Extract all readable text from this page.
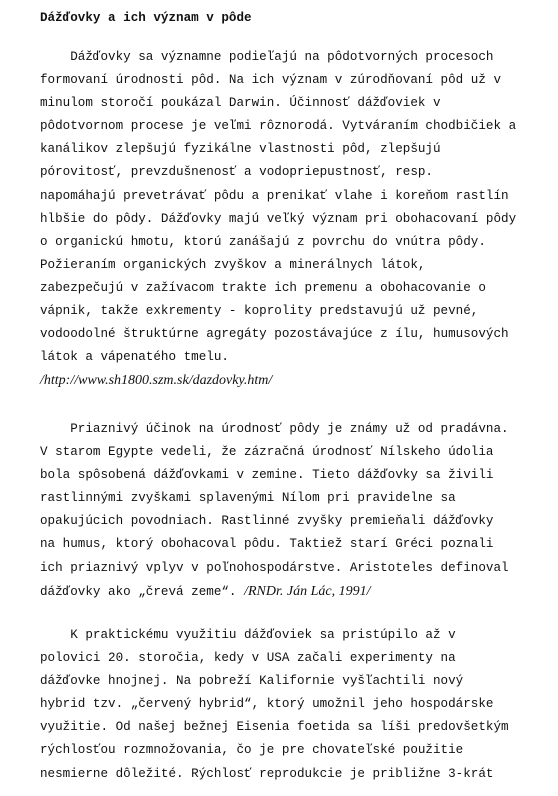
Dážďovky a ich význam v pôde
Dážďovky sa významne podieľajú na pôdotvorných procesoch
formovaní úrodnosti pôd. Na ich význam v zúrodňovaní pôd už v
minulom storočí poukázal Darwin. Účinnosť dážďoviek v
pôdotvornom procese je veľmi rôznorodá. Vytváraním chodbičiek a
kanálikov zlepšujú fyzikálne vlastnosti pôd, zlepšujú
pórovitosť, prevzdušnenosť a vodopriepustnosť, resp.
napomáhajú prevetrávať pôdu a prenikať vlahe i koreňom rastlín
hlbšie do pôdy. Dážďovky majú veľký význam pri obohacovaní pôdy
o organickú hmotu, ktorú zanášajú z povrchu do vnútra pôdy.
Požieraním organických zvyškov a minerálnych látok,
zabezpečujú v zažívacom trakte ich premenu a obohacovanie o
vápnik, takže exkrementy - koprolity predstavujú už pevné,
vodoodolné štruktúrne agregáty pozostávajúce z ílu, humusových
látok a vápenatého tmelu.
/http://www.sh1800.szm.sk/dazdovky.htm/
Priaznivý účinok na úrodnosť pôdy je známy už od pradávna.
V starom Egypte vedeli, že zázračná úrodnosť Nílskeho údolia
bola spôsobená dážďovkami v zemine. Tieto dážďovky sa živili
rastlinnými zvyškami splavenými Nílom pri pravidelne sa
opakujúcich povodniach. Rastlinné zvyšky premieňali dážďovky
na humus, ktorý obohacoval pôdu. Taktiež starí Gréci poznali
ich priaznivý vplyv v poľnohospodárstve. Aristoteles definoval
dážďovky ako „črevá zeme“. /RNDr. Ján Lác, 1991/
K praktickému využitiu dážďoviek sa pristúpilo až v
polovici 20. storočia, kedy v USA začali experimenty na
dážďovke hnojnej. Na pobreží Kalifornie vyšľachtili nový
hybrid tzv. „červený hybrid“, ktorý umožnil jeho hospodárske
využitie. Od našej bežnej Eisenia foetida sa líši predovšetkým
rýchlosťou rozmnožovania, čo je pre chovateľské použitie
nesmierne dôležité. Rýchlosť reprodukcie je približne 3-krát
